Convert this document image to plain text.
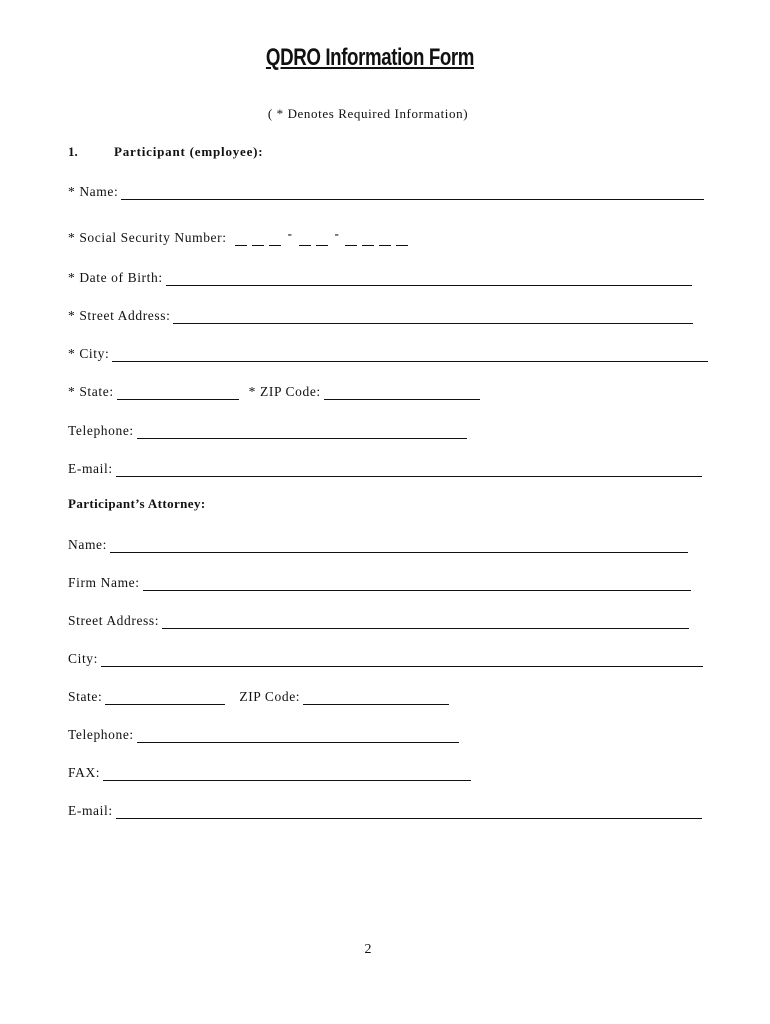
QDRO Information Form
( * Denotes Required Information)
1.	Participant (employee):
* Name:
* Social Security Number:	-	-
* Date of Birth:
* Street Address:
* City:
* State:	* ZIP Code:
Telephone:
E-mail:
Participant’s Attorney:
Name:
Firm Name:
Street Address:
City:
State:	ZIP Code:
Telephone:
FAX:
E-mail:
2
